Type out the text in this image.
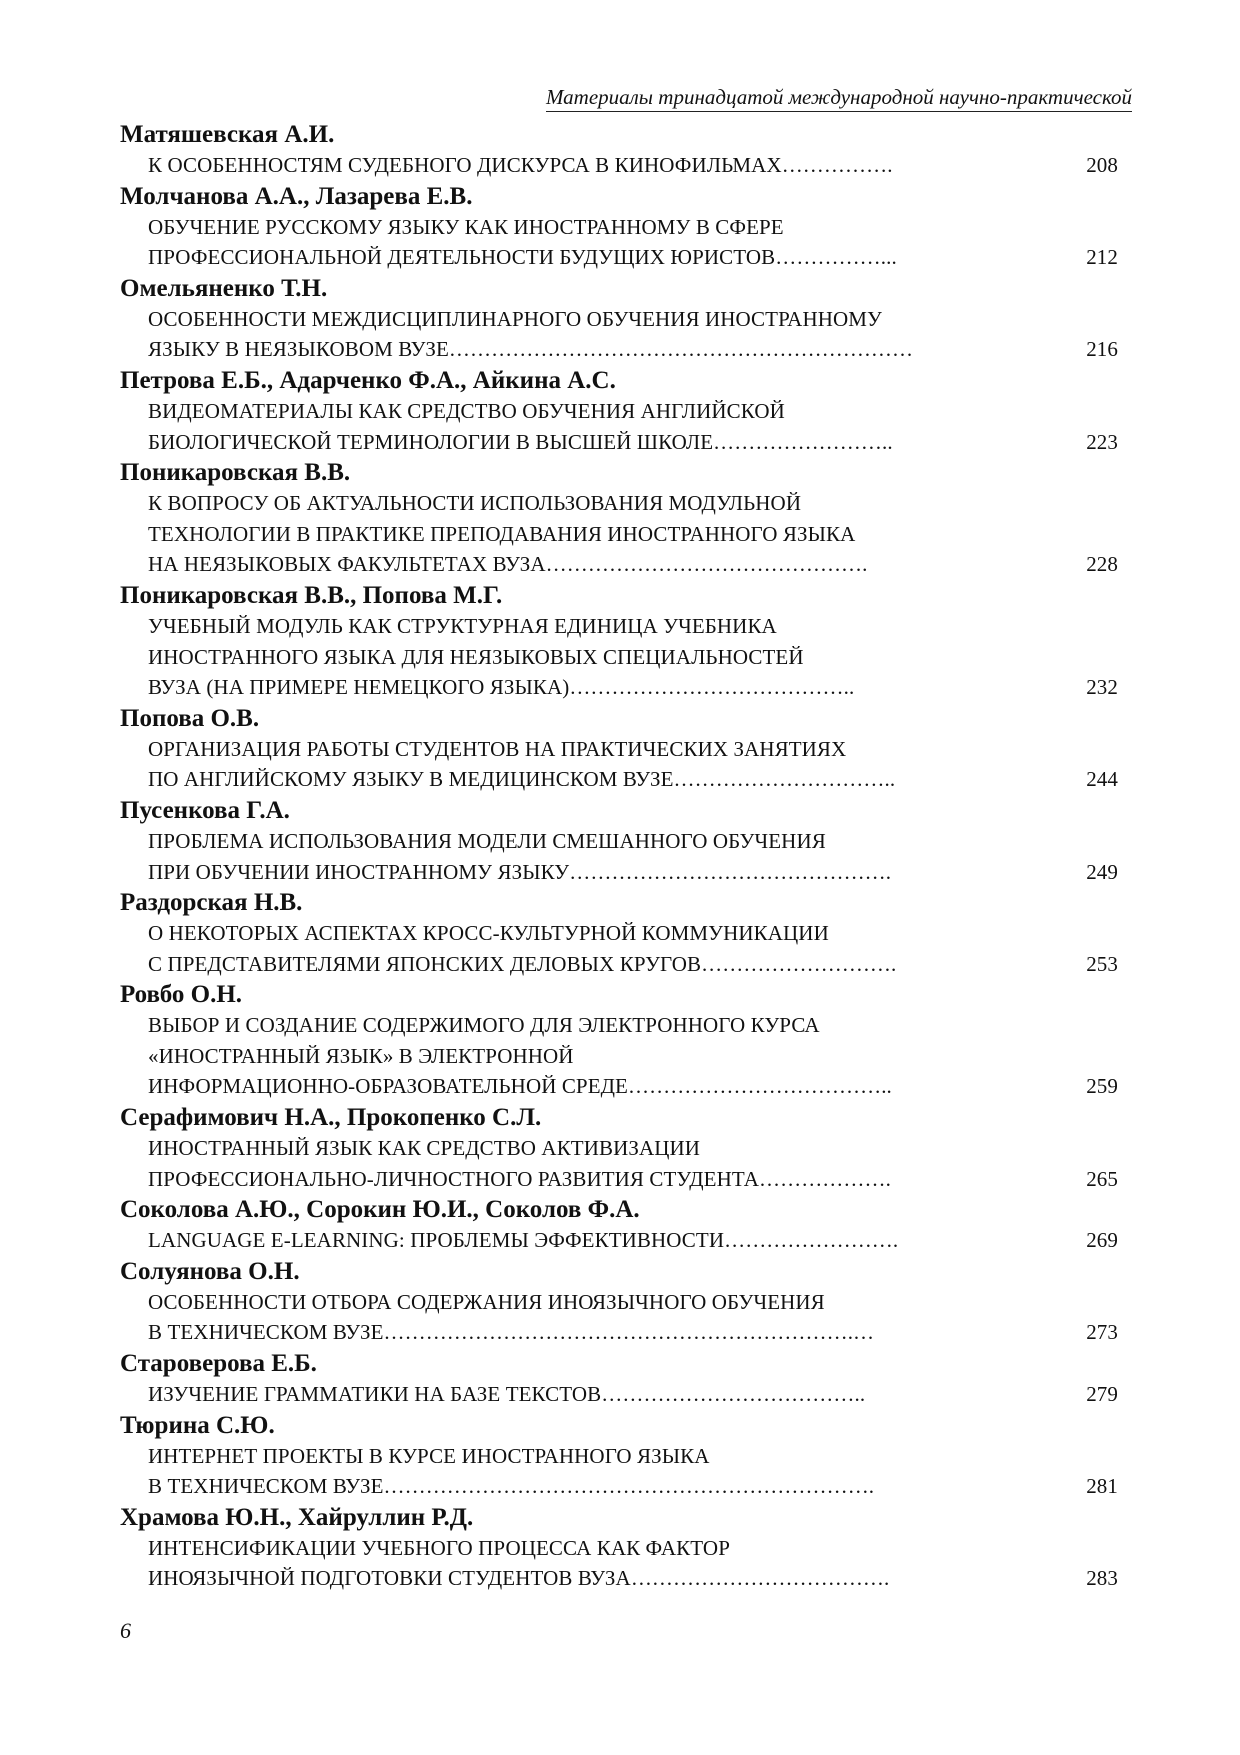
Материалы тринадцатой международной научно-практической
Матяшевская А.И.
К ОСОБЕННОСТЯМ СУДЕБНОГО ДИСКУРСА В КИНОФИЛЬМАХ…………….	208
Молчанова А.А., Лазарева Е.В.
ОБУЧЕНИЕ РУССКОМУ ЯЗЫКУ КАК ИНОСТРАННОМУ В СФЕРЕ
ПРОФЕССИОНАЛЬНОЙ ДЕЯТЕЛЬНОСТИ БУДУЩИХ ЮРИСТОВ……………...	212
Омельяненко Т.Н.
ОСОБЕННОСТИ МЕЖДИСЦИПЛИНАРНОГО ОБУЧЕНИЯ ИНОСТРАННОМУ
ЯЗЫКУ В НЕЯЗЫКОВОМ ВУЗЕ…………………………………………………………	216
Петрова Е.Б., Адарченко Ф.А., Айкина А.С.
ВИДЕОМАТЕРИАЛЫ КАК СРЕДСТВО ОБУЧЕНИЯ АНГЛИЙСКОЙ
БИОЛОГИЧЕСКОЙ ТЕРМИНОЛОГИИ В ВЫСШЕЙ ШКОЛЕ……………………..	223
Поникаровская В.В.
К ВОПРОСУ ОБ АКТУАЛЬНОСТИ ИСПОЛЬЗОВАНИЯ МОДУЛЬНОЙ
ТЕХНОЛОГИИ В ПРАКТИКЕ ПРЕПОДАВАНИЯ ИНОСТРАННОГО ЯЗЫКА
НА НЕЯЗЫКОВЫХ ФАКУЛЬТЕТАХ ВУЗА……………………………………….	228
Поникаровская В.В., Попова М.Г.
УЧЕБНЫЙ МОДУЛЬ КАК СТРУКТУРНАЯ ЕДИНИЦА УЧЕБНИКА
ИНОСТРАННОГО ЯЗЫКА ДЛЯ НЕЯЗЫКОВЫХ СПЕЦИАЛЬНОСТЕЙ
ВУЗА (НА ПРИМЕРЕ НЕМЕЦКОГО ЯЗЫКА)…………………………………..	232
Попова О.В.
ОРГАНИЗАЦИЯ РАБОТЫ СТУДЕНТОВ НА ПРАКТИЧЕСКИХ ЗАНЯТИЯХ
ПО АНГЛИЙСКОМУ ЯЗЫКУ В МЕДИЦИНСКОМ ВУЗЕ…………………………..	244
Пусенкова Г.А.
ПРОБЛЕМА ИСПОЛЬЗОВАНИЯ МОДЕЛИ СМЕШАННОГО ОБУЧЕНИЯ
ПРИ ОБУЧЕНИИ ИНОСТРАННОМУ ЯЗЫКУ……………………………………….	249
Раздорская Н.В.
О НЕКОТОРЫХ АСПЕКТАХ КРОСС-КУЛЬТУРНОЙ КОММУНИКАЦИИ
С ПРЕДСТАВИТЕЛЯМИ ЯПОНСКИХ ДЕЛОВЫХ КРУГОВ……………………….	253
Ровбо О.Н.
ВЫБОР И СОЗДАНИЕ СОДЕРЖИМОГО ДЛЯ ЭЛЕКТРОННОГО КУРСА
«ИНОСТРАННЫЙ ЯЗЫК» В ЭЛЕКТРОННОЙ
ИНФОРМАЦИОННО-ОБРАЗОВАТЕЛЬНОЙ СРЕДЕ………………………………..	259
Серафимович Н.А., Прокопенко С.Л.
ИНОСТРАННЫЙ ЯЗЫК КАК СРЕДСТВО АКТИВИЗАЦИИ
ПРОФЕССИОНАЛЬНО-ЛИЧНОСТНОГО РАЗВИТИЯ СТУДЕНТА……………….	265
Соколова А.Ю., Сорокин Ю.И., Соколов Ф.А.
LANGUAGE E-LEARNING: ПРОБЛЕМЫ ЭФФЕКТИВНОСТИ…………………….	269
Солуянова О.Н.
ОСОБЕННОСТИ ОТБОРА СОДЕРЖАНИЯ ИНОЯЗЫЧНОГО ОБУЧЕНИЯ
В ТЕХНИЧЕСКОМ ВУЗЕ………………………………………………………….…	273
Староверова Е.Б.
ИЗУЧЕНИЕ ГРАММАТИКИ НА БАЗЕ ТЕКСТОВ………………………………..	279
Тюрина С.Ю.
ИНТЕРНЕТ ПРОЕКТЫ В КУРСЕ ИНОСТРАННОГО ЯЗЫКА
В ТЕХНИЧЕСКОМ ВУЗЕ…………………………………………………………….	281
Храмова Ю.Н., Хайруллин Р.Д.
ИНТЕНСИФИКАЦИИ УЧЕБНОГО ПРОЦЕССА КАК ФАКТОР
ИНОЯЗЫЧНОЙ ПОДГОТОВКИ СТУДЕНТОВ ВУЗА……………………………….	283
6
